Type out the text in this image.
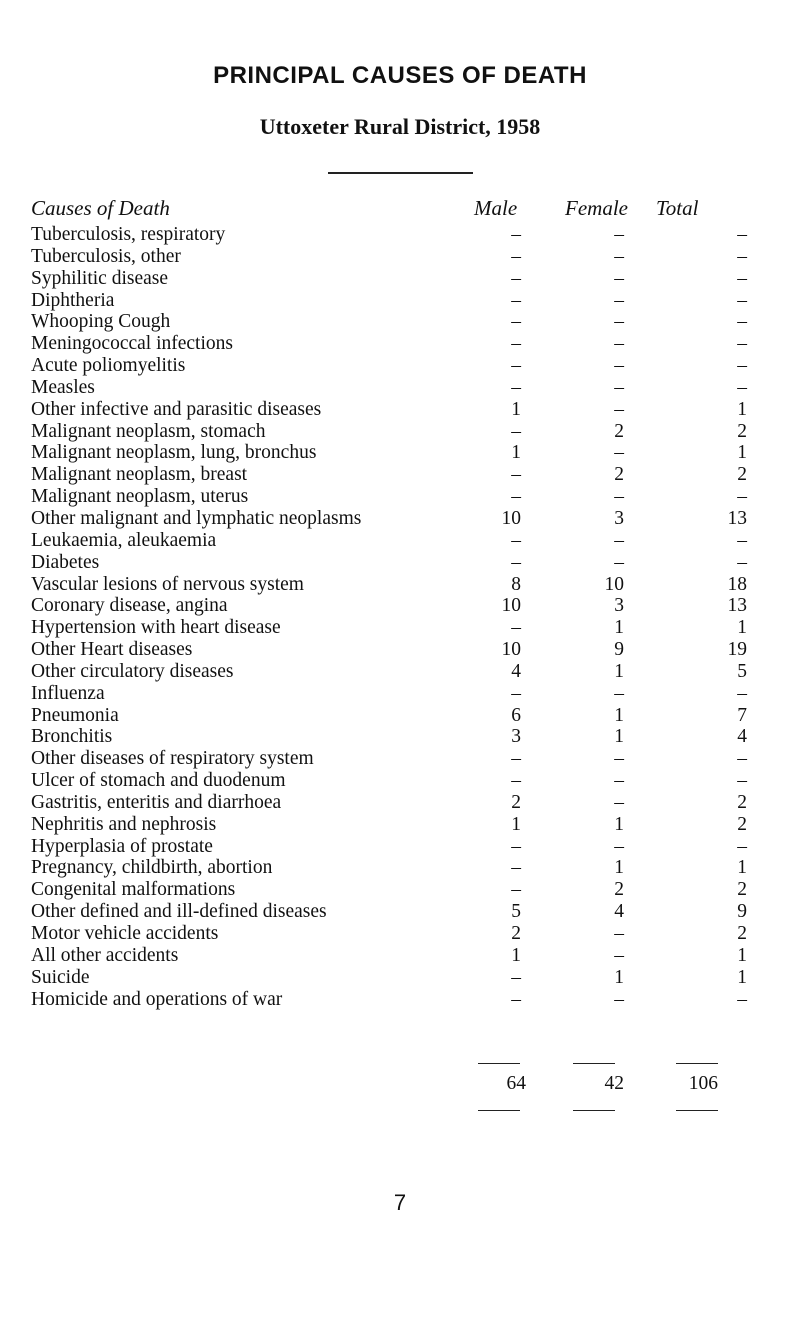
PRINCIPAL CAUSES OF DEATH
Uttoxeter Rural District, 1958
Causes of Death	Male Female Total

Tuberculosis, respiratory	–	–	–

Tuberculosis, other	–	–	–

Syphilitic disease	–	–	–

Diphtheria	–	–	–

Whooping Cough	–	–	–

Meningococcal infections	–	–	–

Acute poliomyelitis	–	–	–

Measles	–	–	–

Other infective and parasitic diseases	1	–	1

Malignant neoplasm, stomach	–	2	2

Malignant neoplasm, lung, bronchus	1	–	1

Malignant neoplasm, breast	–	2	2

Malignant neoplasm, uterus	–	–	–

Other malignant and lymphatic neoplasms	10	3	13

Leukaemia, aleukaemia	–	–	–

Diabetes	–	–	–

Vascular lesions of nervous system	8	10	18

Coronary disease, angina	10	3	13

Hypertension with heart disease	–	1	1

Other Heart diseases	10	9	19

Other circulatory diseases	4	1	5

Influenza	–	–	–

Pneumonia	6	1	7

Bronchitis	3	1	4

Other diseases of respiratory system	–	–	–

Ulcer of stomach and duodenum	–	–	–

Gastritis, enteritis and diarrhoea	2	–	2

Nephritis and nephrosis	1	1	2

Hyperplasia of prostate	–	–	–

Pregnancy, childbirth, abortion	–	1	1

Congenital malformations	–	2	2

Other defined and ill-defined diseases	5	4	9

Motor vehicle accidents	2	–	2

All other accidents	1	–	1

Suicide	–	1	1

Homicide and operations of war	–	–	–
64	42	106
7
